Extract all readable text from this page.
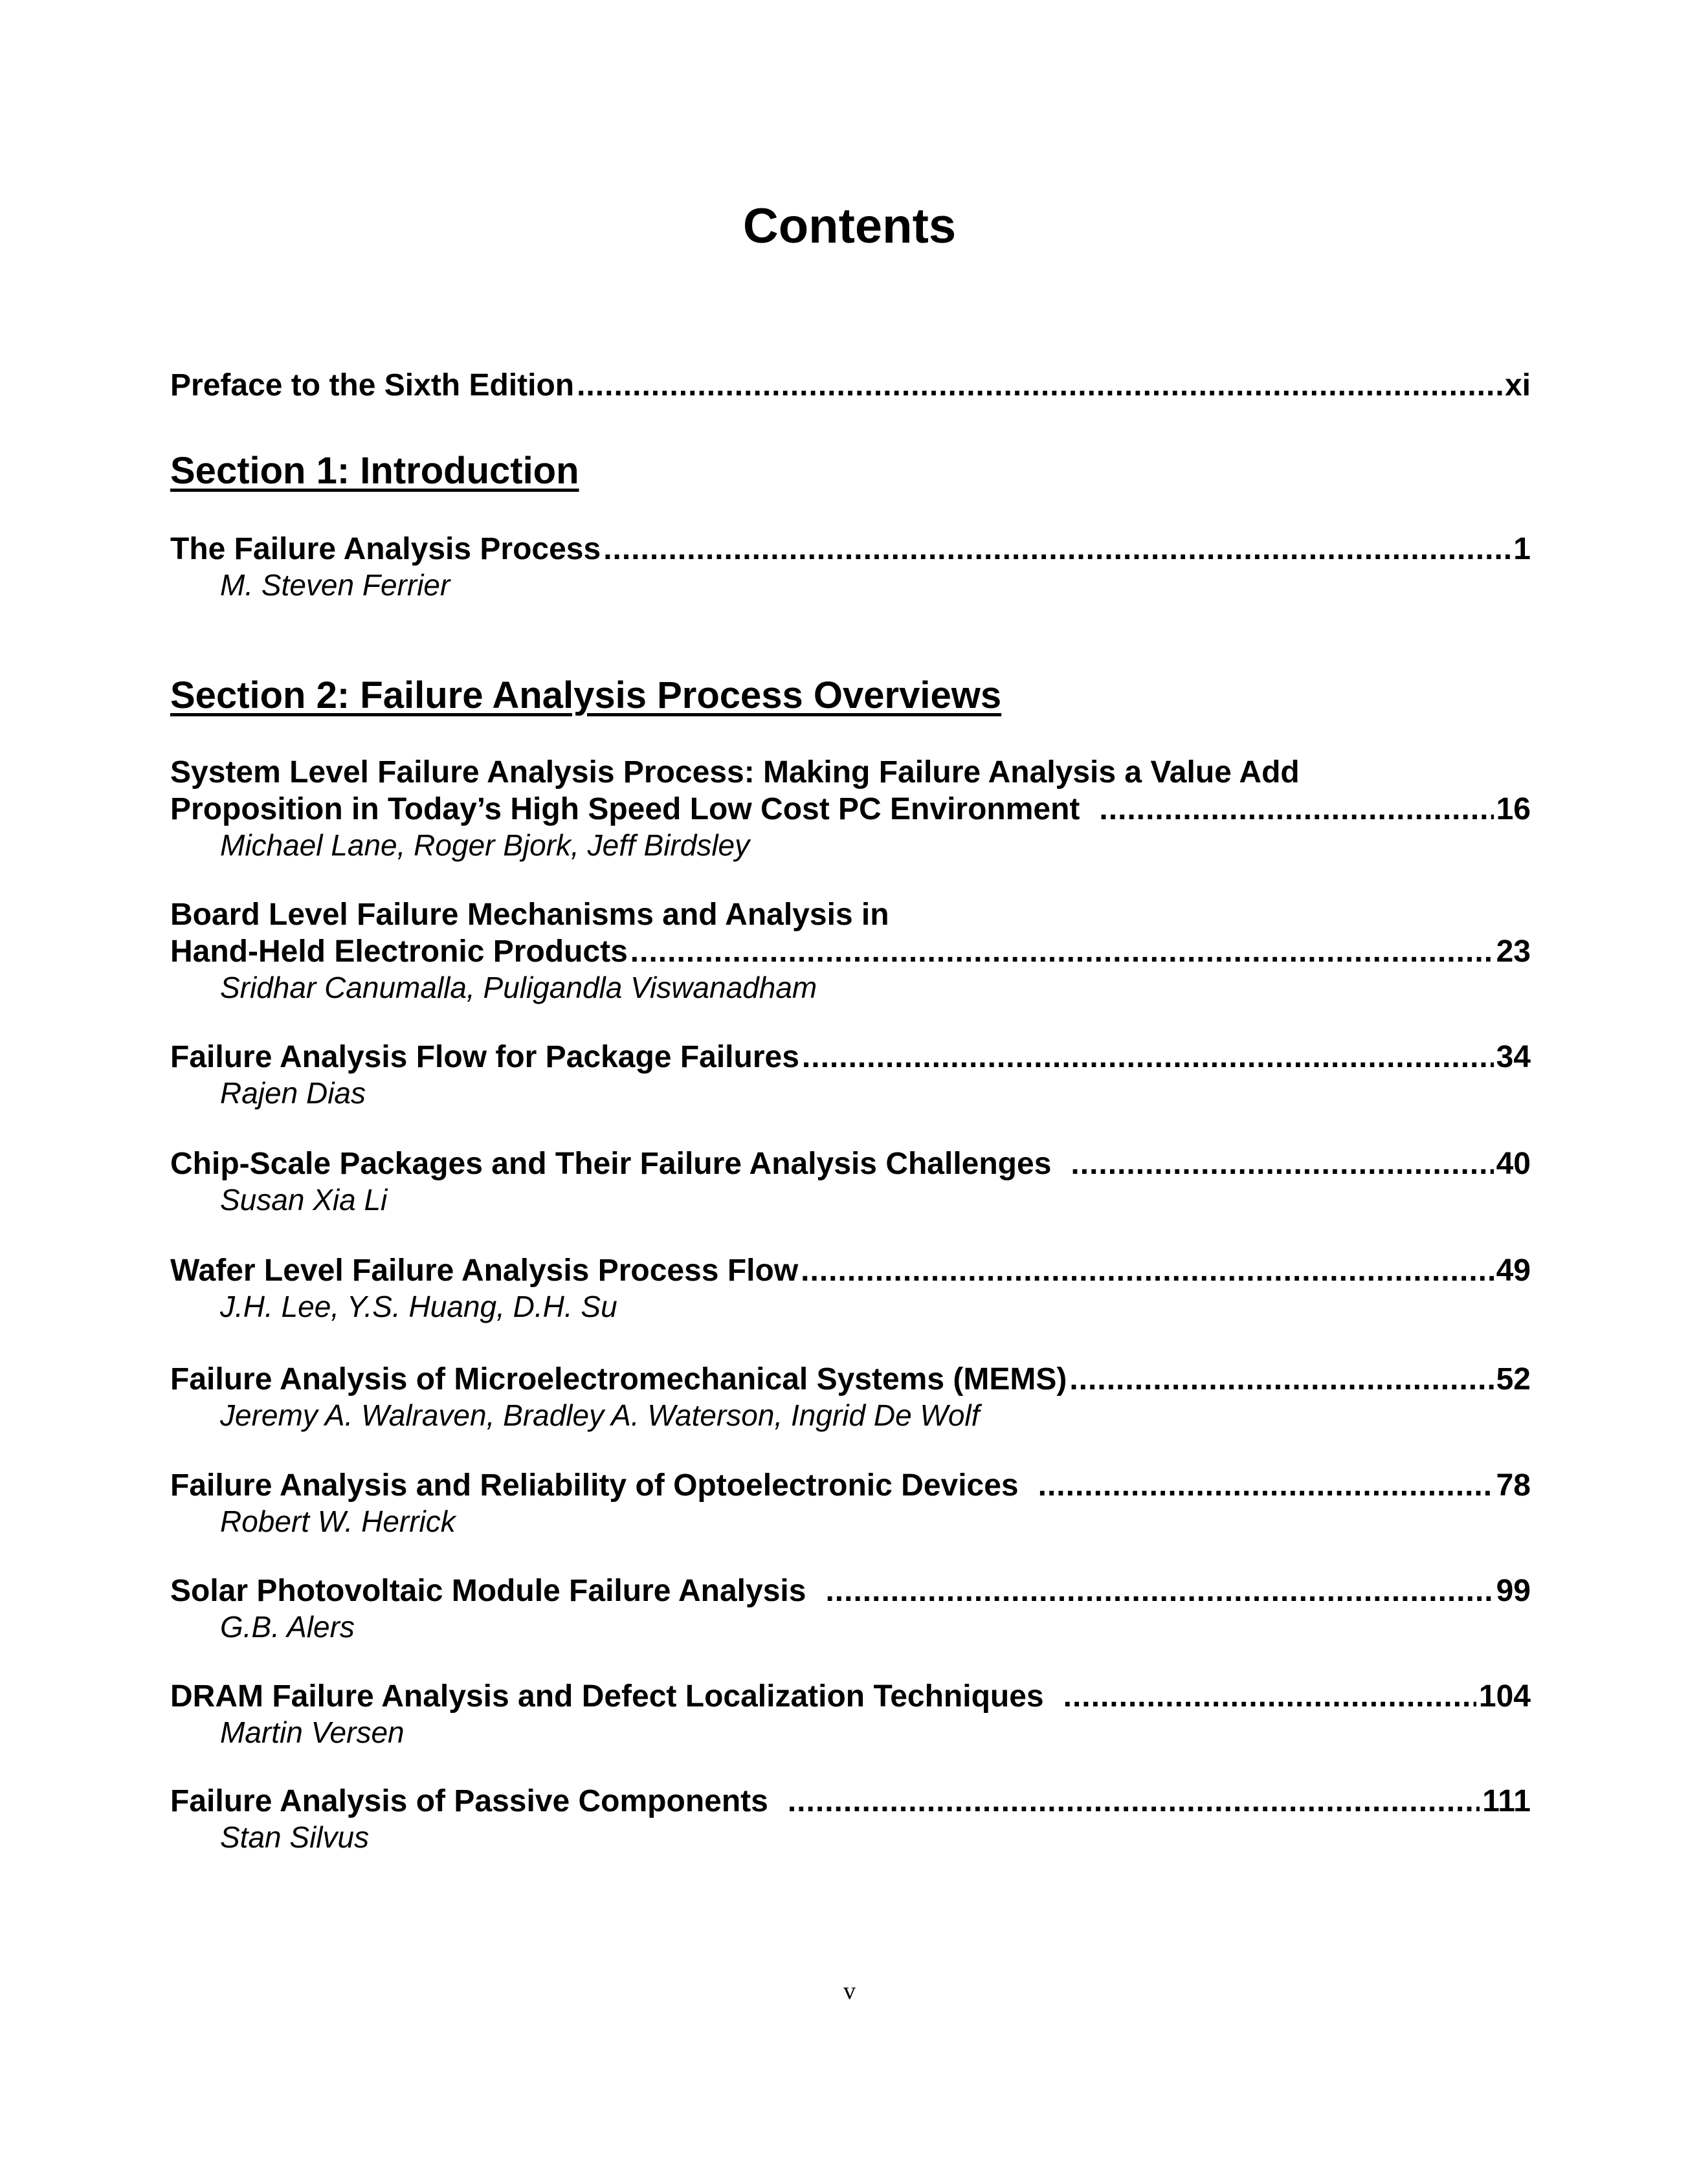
Contents
Preface to the Sixth Edition .....	xi
Section 1: Introduction
The Failure Analysis Process .....	1
M. Steven Ferrier
Section 2: Failure Analysis Process Overviews
System Level Failure Analysis Process: Making Failure Analysis a Value Add
Proposition in Today’s High Speed Low Cost PC Environment .....	16
Michael Lane, Roger Bjork, Jeff Birdsley
Board Level Failure Mechanisms and Analysis in
Hand-Held Electronic Products .....	23
Sridhar Canumalla, Puligandla Viswanadham
Failure Analysis Flow for Package Failures .....	34
Rajen Dias
Chip-Scale Packages and Their Failure Analysis Challenges .....	40
Susan Xia Li
Wafer Level Failure Analysis Process Flow .....	49
J.H. Lee, Y.S. Huang, D.H. Su
Failure Analysis of Microelectromechanical Systems (MEMS) .....	52
Jeremy A. Walraven, Bradley A. Waterson, Ingrid De Wolf
Failure Analysis and Reliability of Optoelectronic Devices .....	78
Robert W. Herrick
Solar Photovoltaic Module Failure Analysis .....	99
G.B. Alers
DRAM Failure Analysis and Defect Localization Techniques .....	104
Martin Versen
Failure Analysis of Passive Components .....	111
Stan Silvus
v
